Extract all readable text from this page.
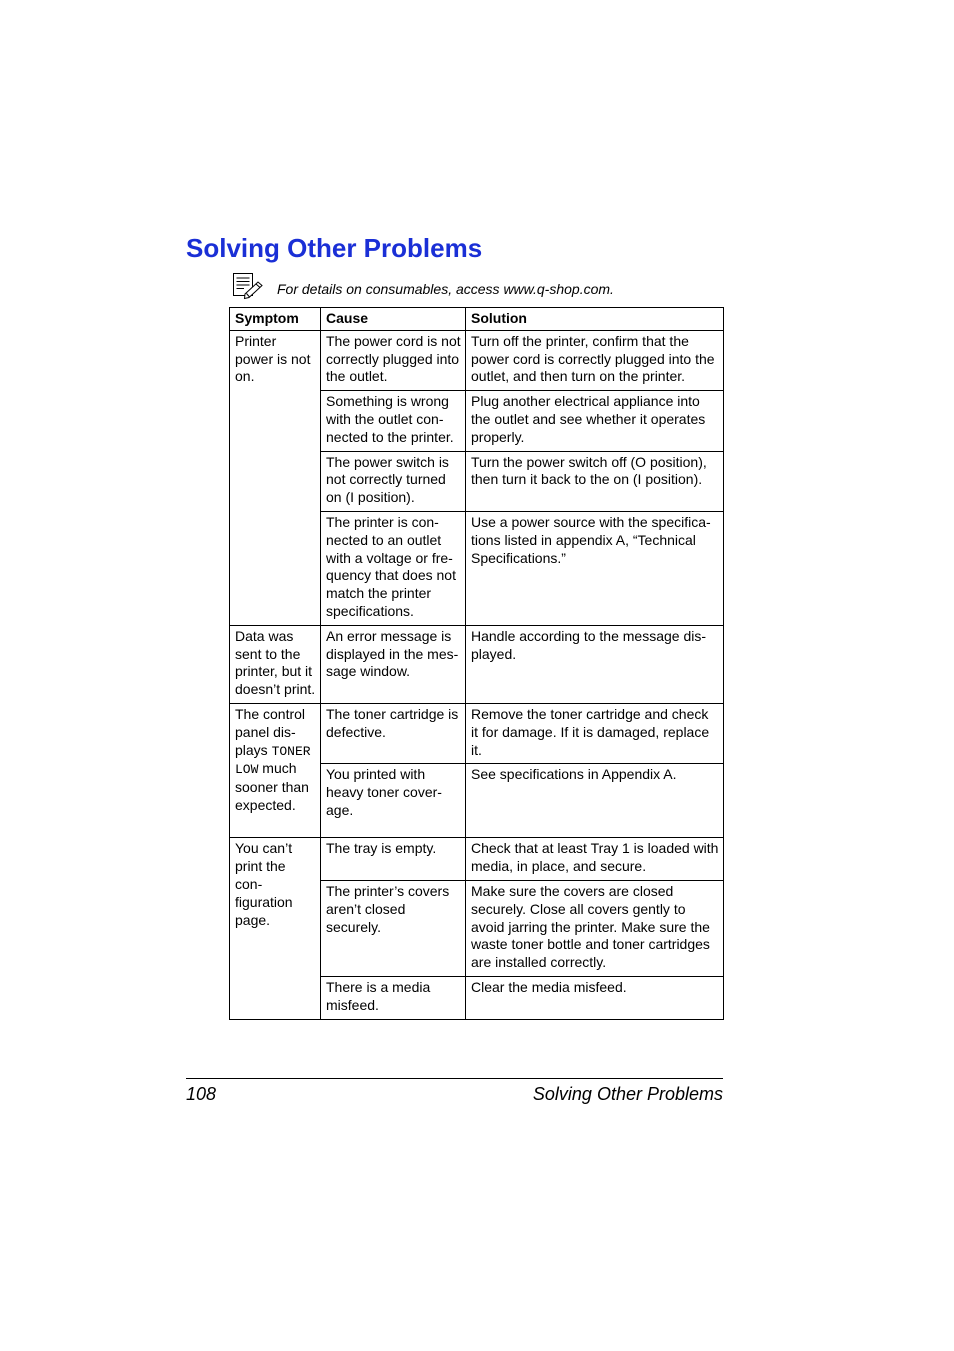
Solving Other Problems
For details on consumables, access www.q-shop.com.
Symptom	Cause	Solution
Printer power is not on.	The power cord is not correctly plugged into the outlet.	Turn off the printer, confirm that the power cord is correctly plugged into the outlet, and then turn on the printer.
	Something is wrong with the outlet con-nected to the printer.	Plug another electrical appliance into the outlet and see whether it operates properly.
	The power switch is not correctly turned on (I position).	Turn the power switch off (O position), then turn it back to the on (I position).
	The printer is con-nected to an outlet with a voltage or fre-quency that does not match the printer specifications.	Use a power source with the specifica-tions listed in appendix A, “Technical Specifications.”
Data was sent to the printer, but it doesn’t print.	An error message is displayed in the mes-sage window.	Handle according to the message dis-played.
The control panel dis-plays TONER LOW much sooner than expected.	The toner cartridge is defective.	Remove the toner cartridge and check it for damage. If it is damaged, replace it.
	You printed with heavy toner cover-age.	See specifications in Appendix A.
You can’t print the con-figuration page.	The tray is empty.	Check that at least Tray 1 is loaded with media, in place, and secure.
	The printer’s covers aren’t closed securely.	Make sure the covers are closed securely. Close all covers gently to avoid jarring the printer. Make sure the waste toner bottle and toner cartridges are installed correctly.
	There is a media misfeed.	Clear the media misfeed.
108	Solving Other Problems
